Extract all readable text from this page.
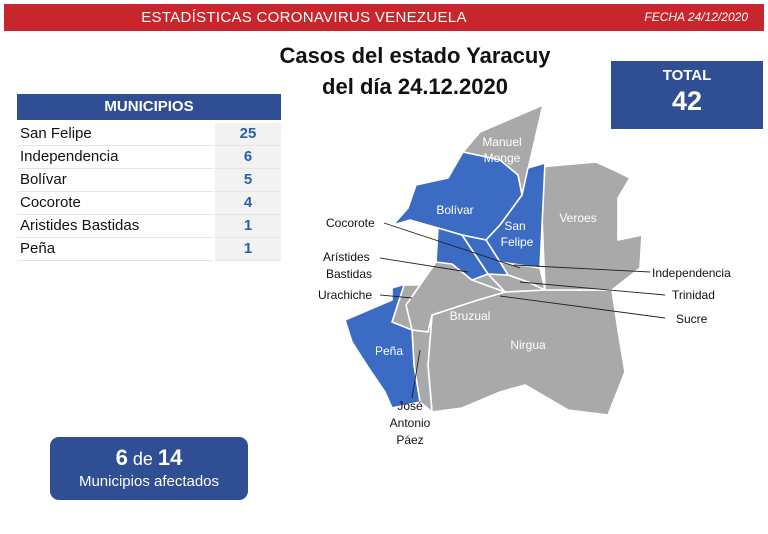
ESTADÍSTICAS CORONAVIRUS VENEZUELA	FECHA 24/12/2020
Casos del estado Yaracuy
del día 24.12.2020	TOTAL
42
MUNICIPIOS
San Felipe	25
Independencia	6
Bolívar	5
Cocorote	4
Aristides Bastidas	1
Peña	1
Manuel
Monge
Bolívar
San
Felipe
Veroes
Bruzual
Nirgua
Peña
Cocorote
Arístides
Bastidas
Urachiche
Independencia
Trinidad
Sucre
José
Antonio
Páez
6 de 14
Municipios afectados
